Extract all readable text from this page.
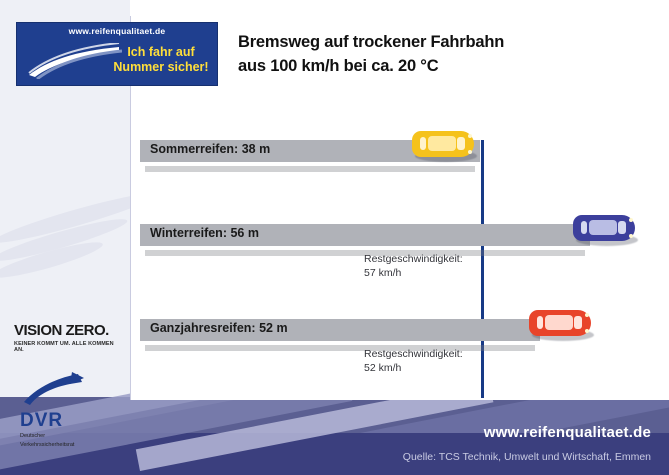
www.reifenqualitaet.de
Ich fahr auf
Nummer sicher!
Bremsweg auf trockener Fahrbahn
aus 100 km/h bei ca. 20 °C
Sommerreifen: 38 m
Winterreifen: 56 m
Restgeschwindigkeit:
57 km/h
Ganzjahresreifen: 52 m
Restgeschwindigkeit:
52 km/h
VISION ZERO.
KEINER KOMMT UM. ALLE KOMMEN AN.
DVR
Deutscher
Verkehrssicherheitsrat
www.reifenqualitaet.de
Quelle: TCS Technik, Umwelt und Wirtschaft, Emmen
